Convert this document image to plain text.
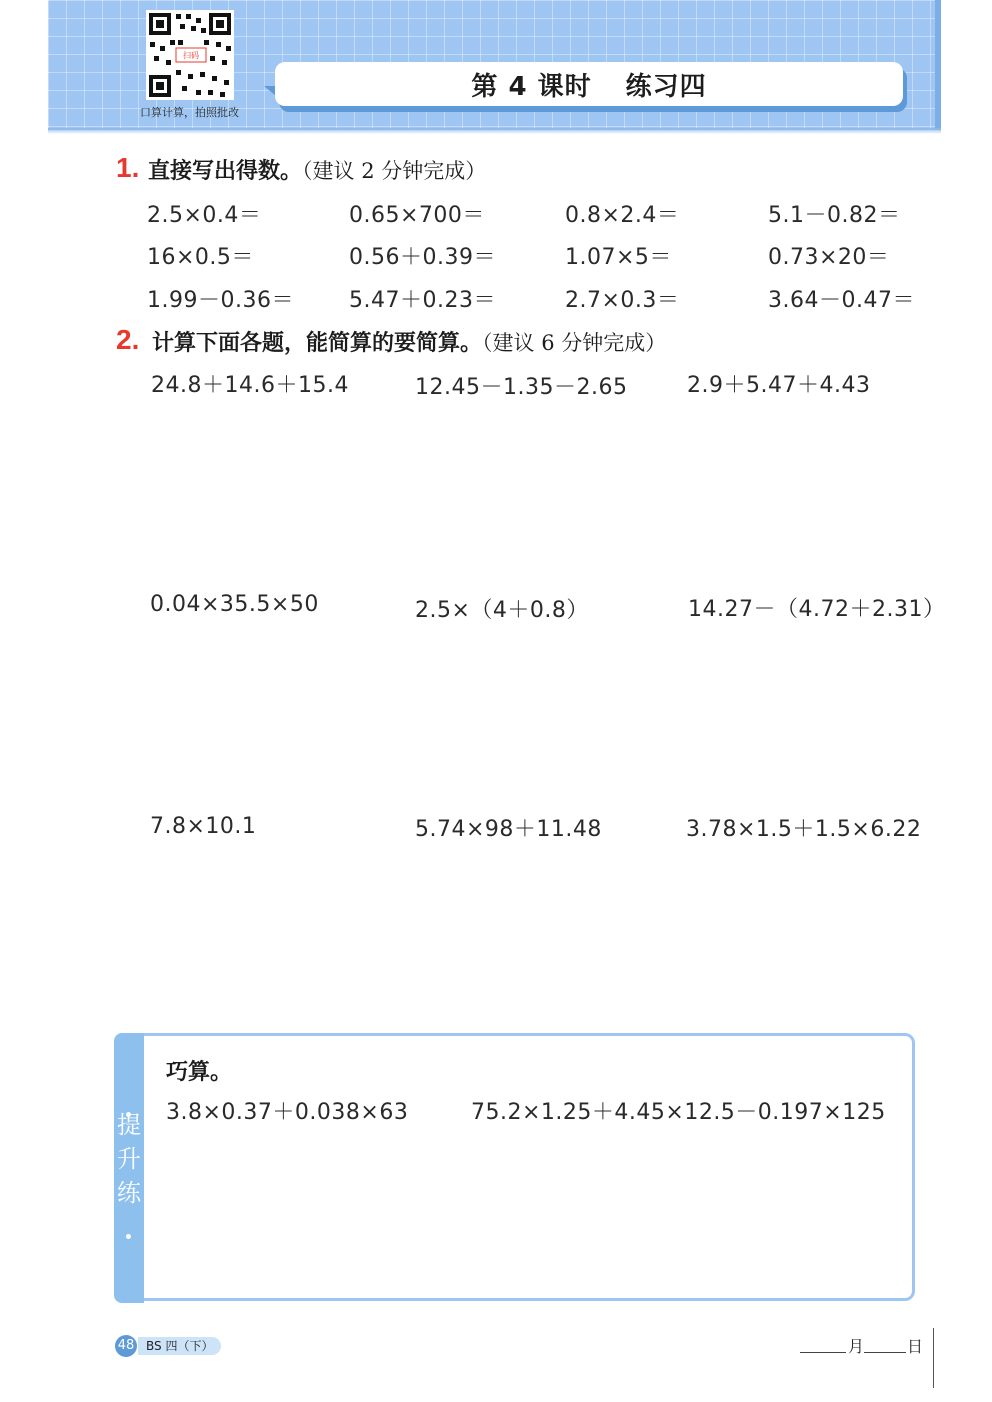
扫码
口算计算，拍照批改
第 4 课时 练习四
1. 直接写出得数。（建议 2 分钟完成）
2.5×0.4＝	0.65×700＝	0.8×2.4＝	5.1－0.82＝
16×0.5＝	0.56＋0.39＝	1.07×5＝	0.73×20＝
1.99－0.36＝	5.47＋0.23＝	2.7×0.3＝	3.64－0.47＝
2. 计算下面各题，能简算的要简算。（建议 6 分钟完成）
24.8＋14.6＋15.4	12.45－1.35－2.65	2.9＋5.47＋4.43
0.04×35.5×50	2.5×（4＋0.8）	14.27－（4.72＋2.31）
7.8×10.1	5.74×98＋11.48	3.78×1.5＋1.5×6.22
提
升
练
巧算。
3.8×0.37＋0.038×63	75.2×1.25＋4.45×12.5－0.197×125
48 BS 四（下）	月	日
